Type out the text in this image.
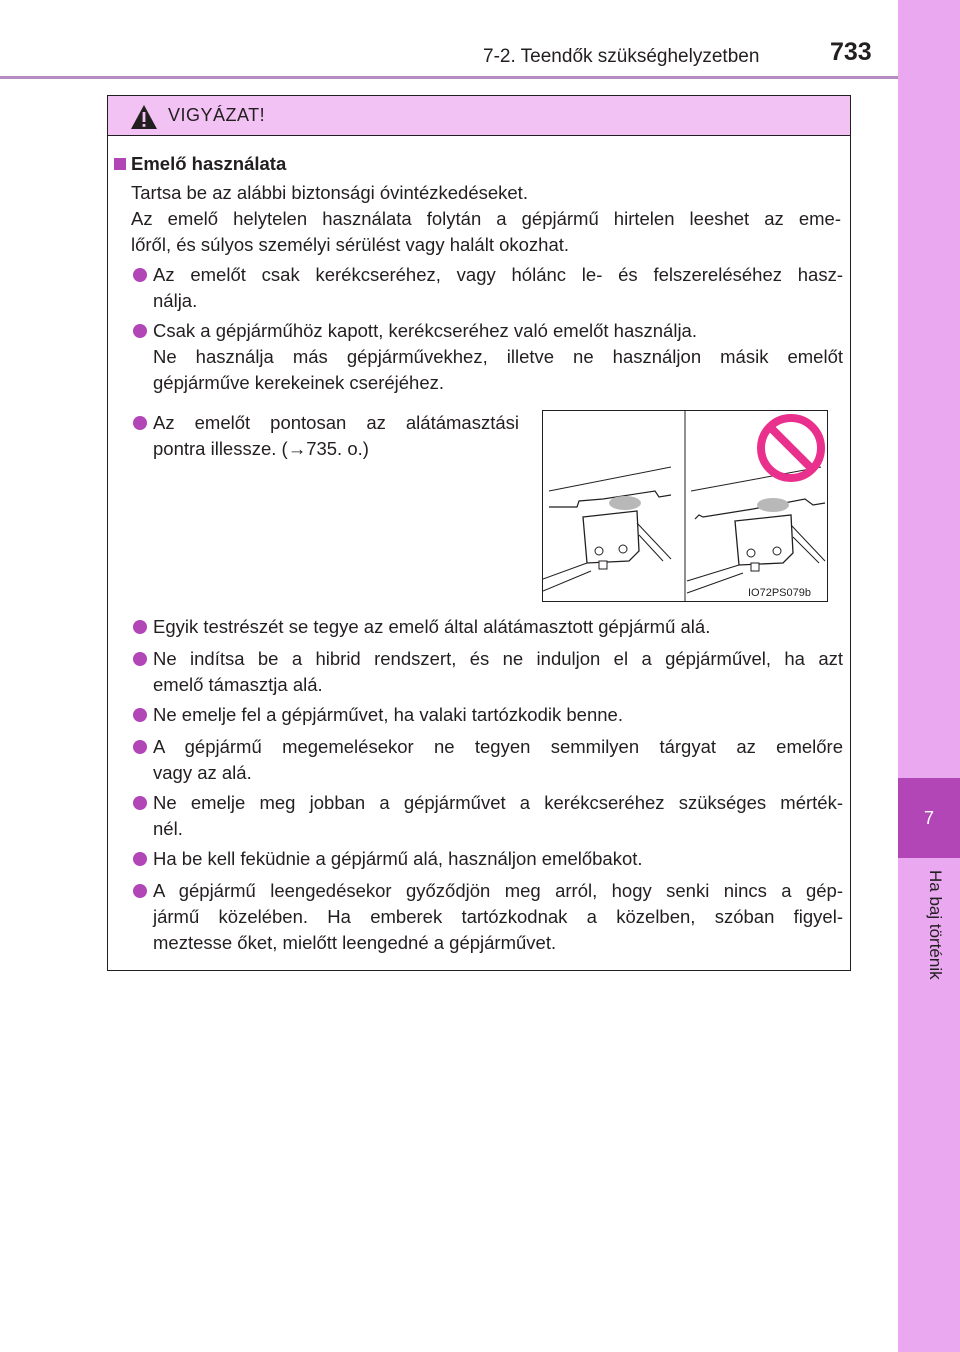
7
Ha baj történik
7-2. Teendők szükséghelyzetben	733
VIGYÁZAT!
Emelő használata
Tartsa be az alábbi biztonsági óvintézkedéseket.
Az emelő helytelen használata folytán a gépjármű hirtelen leeshet az eme-
lőről, és súlyos személyi sérülést vagy halált okozhat.
Az emelőt csak kerékcseréhez, vagy hólánc le- és felszereléséhez hasz-
nálja.
Csak a gépjárműhöz kapott, kerékcseréhez való emelőt használja.
Ne használja más gépjárművekhez, illetve ne használjon másik emelőt
gépjárműve kerekeinek cseréjéhez.
Az emelőt pontosan az alátámasztási
pontra illessze. (→735. o.)
IO72PS079b
Egyik testrészét se tegye az emelő által alátámasztott gépjármű alá.
Ne indítsa be a hibrid rendszert, és ne induljon el a gépjárművel, ha azt
emelő támasztja alá.
Ne emelje fel a gépjárművet, ha valaki tartózkodik benne.
A gépjármű megemelésekor ne tegyen semmilyen tárgyat az emelőre
vagy az alá.
Ne emelje meg jobban a gépjárművet a kerékcseréhez szükséges mérték-
nél.
Ha be kell feküdnie a gépjármű alá, használjon emelőbakot.
A gépjármű leengedésekor győződjön meg arról, hogy senki nincs a gép-
jármű közelében. Ha emberek tartózkodnak a közelben, szóban figyel-
meztesse őket, mielőtt leengedné a gépjárművet.
